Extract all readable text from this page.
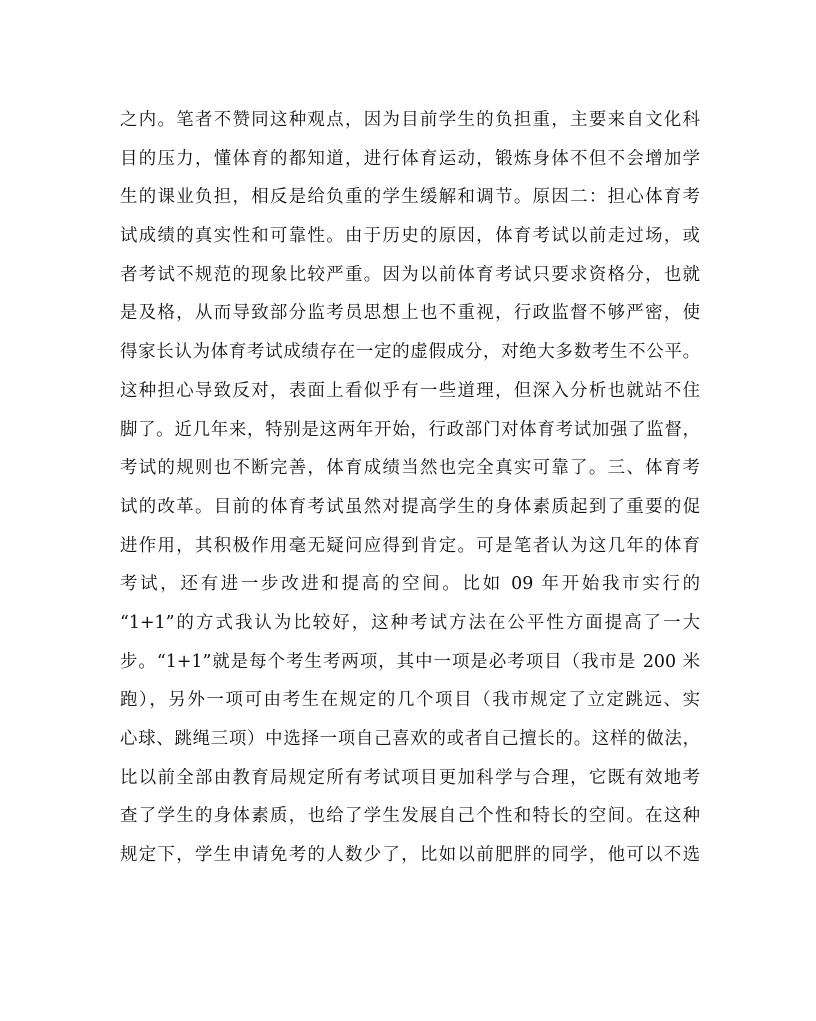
之内。笔者不赞同这种观点，因为目前学生的负担重，主要来自文化科
目的压力，懂体育的都知道，进行体育运动，锻炼身体不但不会增加学
生的课业负担，相反是给负重的学生缓解和调节。原因二：担心体育考
试成绩的真实性和可靠性。由于历史的原因，体育考试以前走过场，或
者考试不规范的现象比较严重。因为以前体育考试只要求资格分，也就
是及格，从而导致部分监考员思想上也不重视，行政监督不够严密，使
得家长认为体育考试成绩存在一定的虚假成分，对绝大多数考生不公平。
这种担心导致反对，表面上看似乎有一些道理，但深入分析也就站不住
脚了。近几年来，特别是这两年开始，行政部门对体育考试加强了监督，
考试的规则也不断完善，体育成绩当然也完全真实可靠了。三、体育考
试的改革。目前的体育考试虽然对提高学生的身体素质起到了重要的促
进作用，其积极作用毫无疑问应得到肯定。可是笔者认为这几年的体育
考试，还有进一步改进和提高的空间。比如 09 年开始我市实行的
“1+1”的方式我认为比较好，这种考试方法在公平性方面提高了一大
步。“1+1”就是每个考生考两项，其中一项是必考项目（我市是 200 米
跑），另外一项可由考生在规定的几个项目（我市规定了立定跳远、实
心球、跳绳三项）中选择一项自己喜欢的或者自己擅长的。这样的做法，
比以前全部由教育局规定所有考试项目更加科学与合理，它既有效地考
查了学生的身体素质，也给了学生发展自己个性和特长的空间。在这种
规定下，学生申请免考的人数少了，比如以前肥胖的同学，他可以不选
